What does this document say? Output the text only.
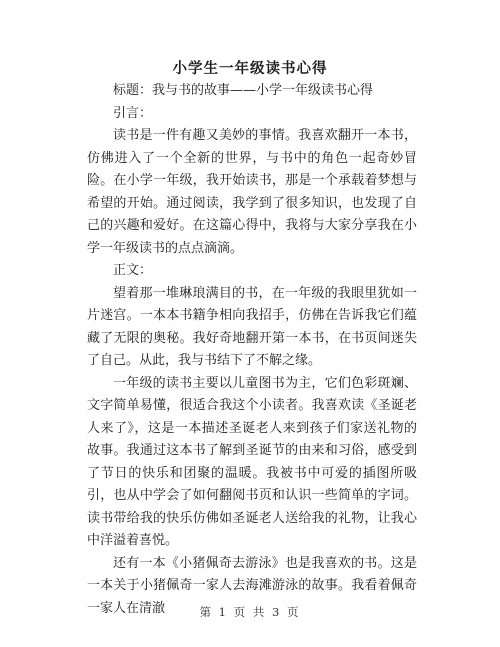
小学生一年级读书心得

标题：我与书的故事——小学一年级读书心得

引言：

读书是一件有趣又美妙的事情。我喜欢翻开一本书，仿佛进入了一个全新的世界，与书中的角色一起奇妙冒险。在小学一年级，我开始读书，那是一个承载着梦想与希望的开始。通过阅读，我学到了很多知识，也发现了自己的兴趣和爱好。在这篇心得中，我将与大家分享我在小学一年级读书的点点滴滴。

正文：

望着那一堆琳琅满目的书，在一年级的我眼里犹如一片迷宫。一本本书籍争相向我招手，仿佛在告诉我它们蕴藏了无限的奥秘。我好奇地翻开第一本书，在书页间迷失了自己。从此，我与书结下了不解之缘。

一年级的读书主要以儿童图书为主，它们色彩斑斓、文字简单易懂，很适合我这个小读者。我喜欢读《圣诞老人来了》，这是一本描述圣诞老人来到孩子们家送礼物的故事。我通过这本书了解到圣诞节的由来和习俗，感受到了节日的快乐和团聚的温暖。我被书中可爱的插图所吸引，也从中学会了如何翻阅书页和认识一些简单的字词。读书带给我的快乐仿佛如圣诞老人送给我的礼物，让我心中洋溢着喜悦。

还有一本《小猪佩奇去游泳》也是我喜欢的书。这是一本关于小猪佩奇一家人去海滩游泳的故事。我看着佩奇一家人在清澈	第 1 页 共 3 页
